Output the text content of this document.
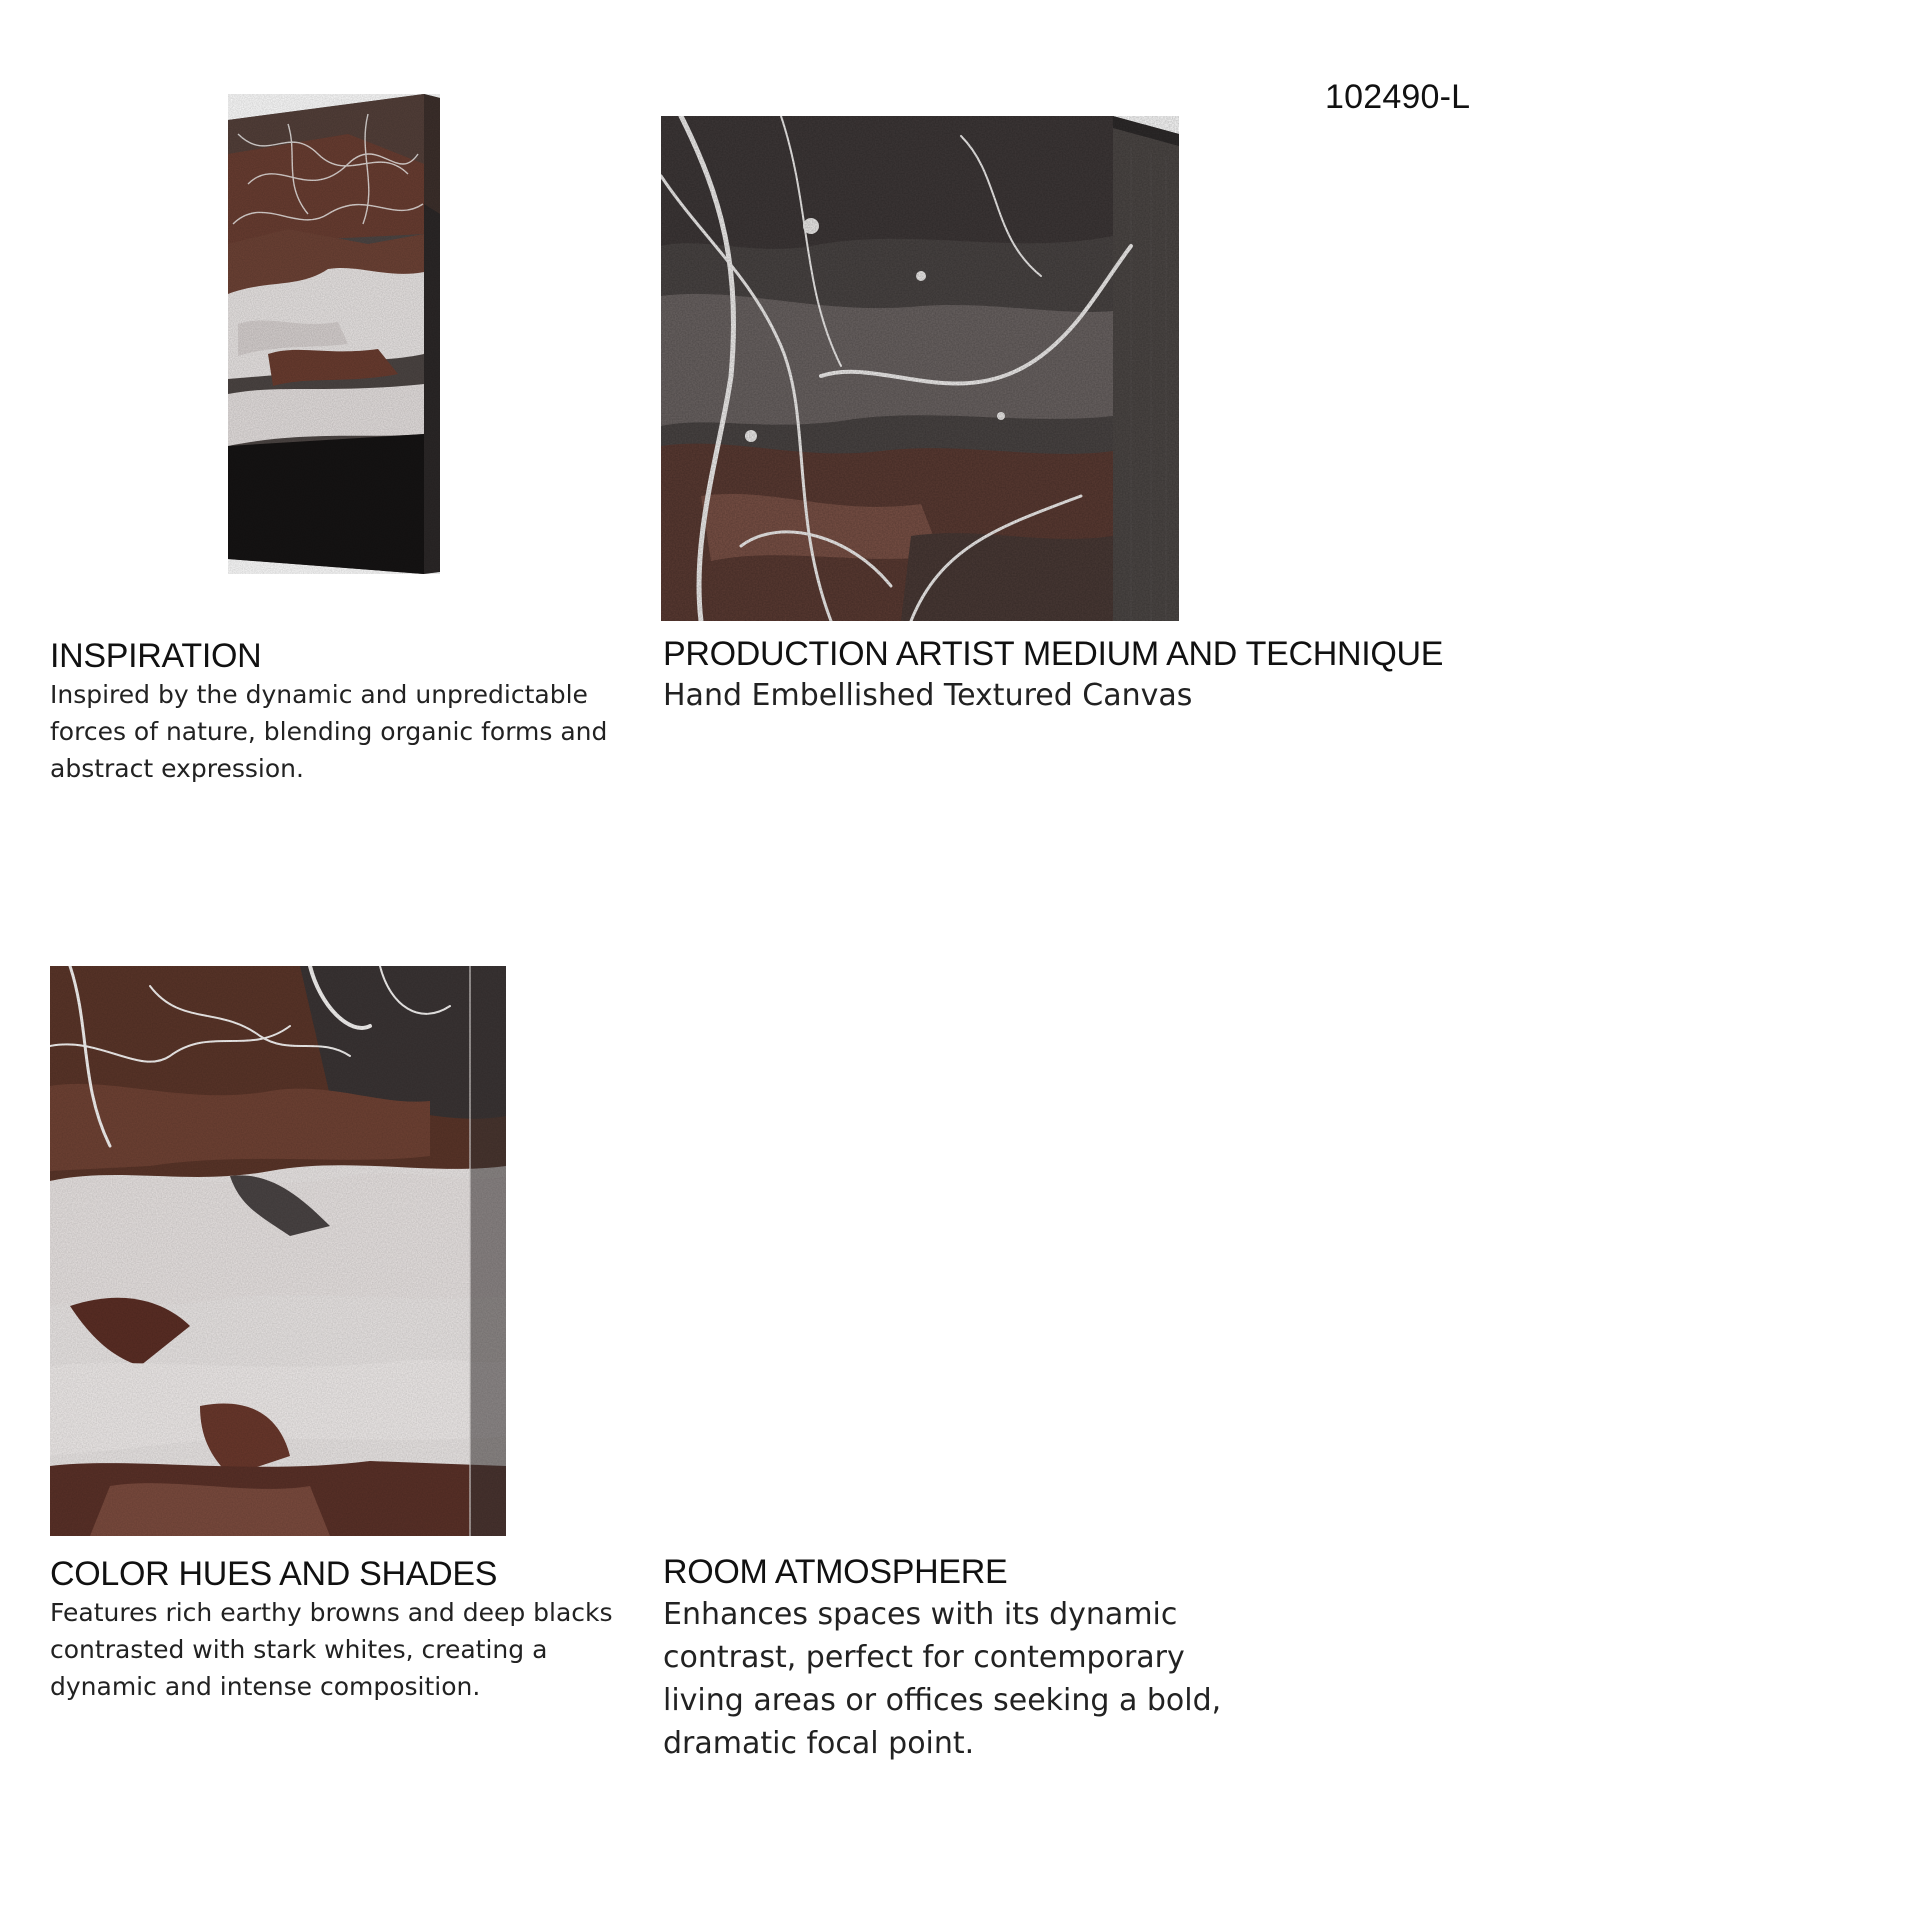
102490-L
INSPIRATION
Inspired by the dynamic and unpredictable
forces of nature, blending organic forms and
abstract expression.
PRODUCTION ARTIST MEDIUM AND TECHNIQUE
Hand Embellished Textured Canvas
COLOR HUES AND SHADES
Features rich earthy browns and deep blacks
contrasted with stark whites, creating a
dynamic and intense composition.
ROOM ATMOSPHERE
Enhances spaces with its dynamic
contrast, perfect for contemporary
living areas or offices seeking a bold,
dramatic focal point.
